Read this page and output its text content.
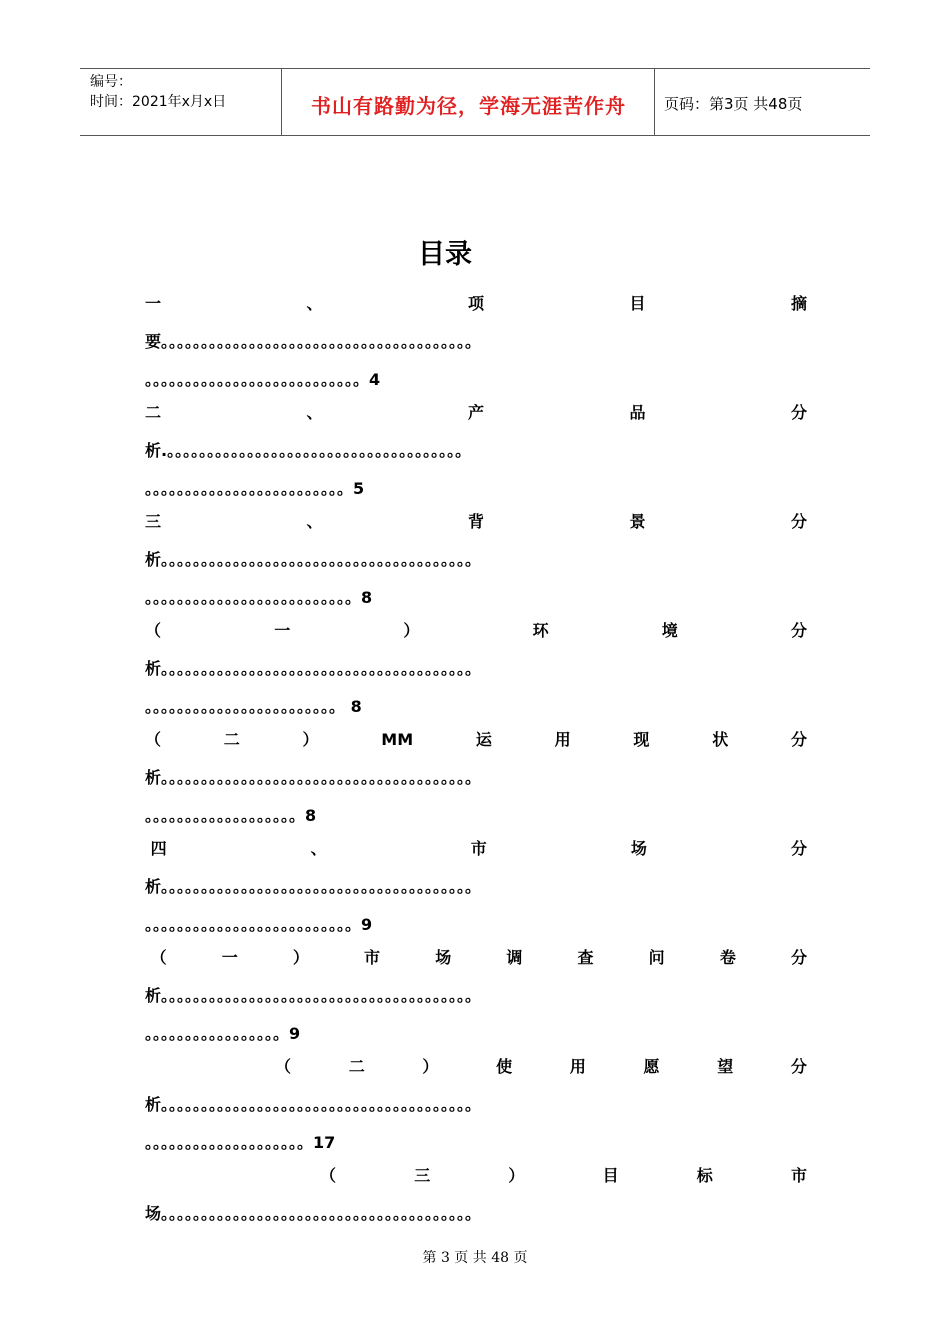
编号：
时间：2021年x月x日	书山有路勤为径，学海无涯苦作舟	页码：第3页 共48页
目录
一	、	项	目	摘
要。。。。。。。。。。。。。。。。。。。。。。。。。。。。。。。。。。。。。。。
。。。。。。。。。。。。。。。。。。。。。。。。。。。4
二	、	产	品	分
析.。。。。。。。。。。。。。。。。。。。。。。。。。。。。。。。。。。。。。
。。。。。。。。。。。。。。。。。。。。。。。。。5
三	、	背	景	分
析。。。。。。。。。。。。。。。。。。。。。。。。。。。。。。。。。。。。。。。
。。。。。。。。。。。。。。。。。。。。。。。。。。8
（	一	）	环	境	分
析。。。。。。。。。。。。。。。。。。。。。。。。。。。。。。。。。。。。。。。
。。。。。。。。。。。。。。。。。。。。。。。。 8
（	二	）	MM	运	用	现	状	分
析。。。。。。。。。。。。。。。。。。。。。。。。。。。。。。。。。。。。。。。
。。。。。。。。。。。。。。。。。。。8
四	、	市	场	分
析。。。。。。。。。。。。。。。。。。。。。。。。。。。。。。。。。。。。。。。
。。。。。。。。。。。。。。。。。。。。。。。。。。9
（	一	）	市	场	调	查	问	卷	分
析。。。。。。。。。。。。。。。。。。。。。。。。。。。。。。。。。。。。。。。
。。。。。。。。。。。。。。。。。9
（	二	）	使	用	愿	望	分
析。。。。。。。。。。。。。。。。。。。。。。。。。。。。。。。。。。。。。。。
。。。。。。。。。。。。。。。。。。。。17
（	三	）	目	标	市
场。。。。。。。。。。。。。。。。。。。。。。。。。。。。。。。。。。。。。。。
第 3 页 共 48 页
